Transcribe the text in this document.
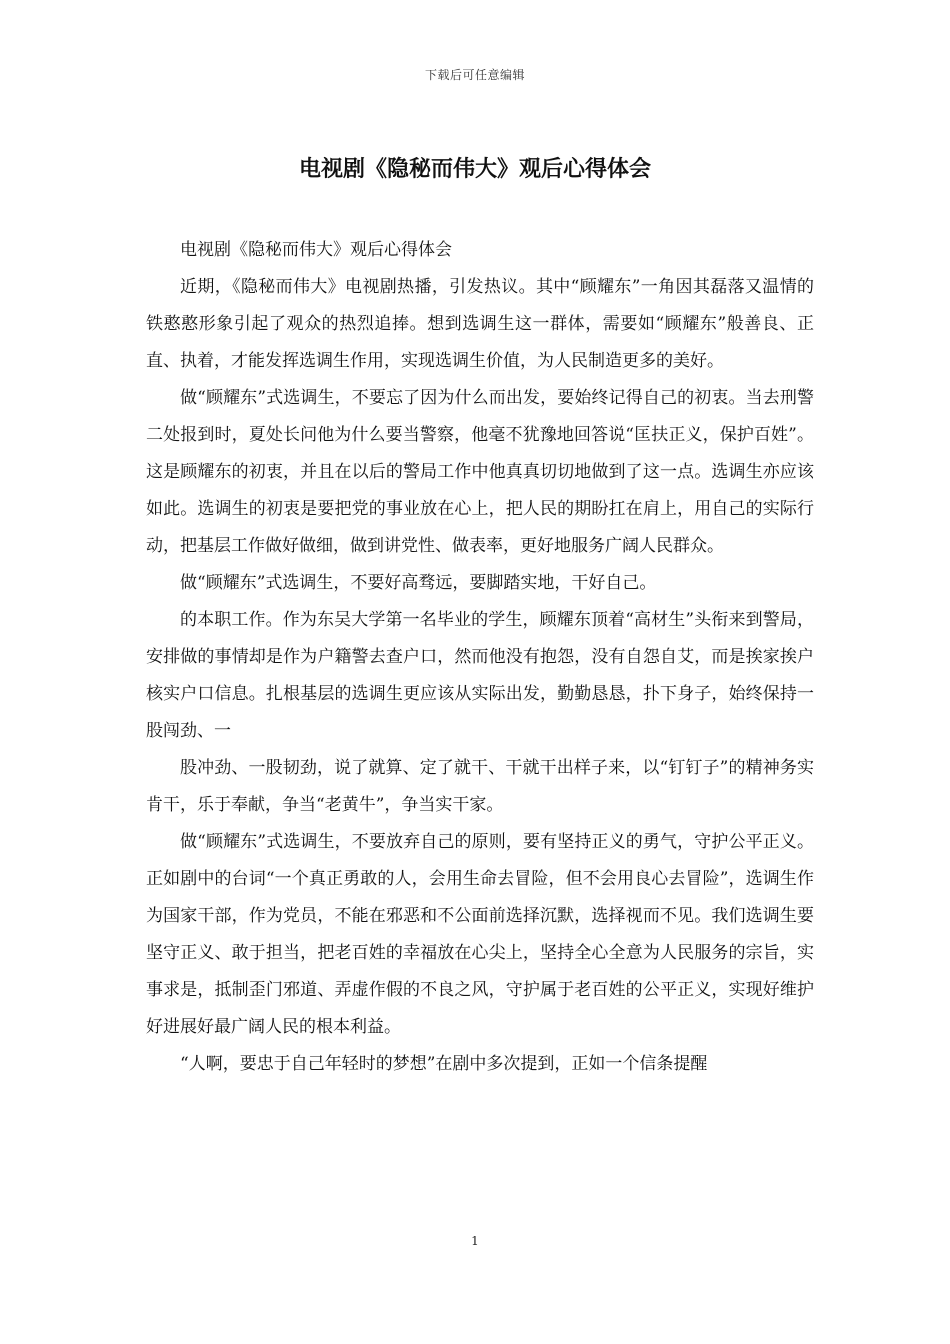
下载后可任意编辑
电视剧《隐秘而伟大》观后心得体会

电视剧《隐秘而伟大》观后心得体会

近期，《隐秘而伟大》电视剧热播，引发热议。其中“顾耀东”一角因其磊落又温情的铁憨憨形象引起了观众的热烈追捧。想到选调生这一群体，需要如“顾耀东”般善良、正直、执着，才能发挥选调生作用，实现选调生价值，为人民制造更多的美好。

做“顾耀东”式选调生，不要忘了因为什么而出发，要始终记得自己的初衷。当去刑警二处报到时，夏处长问他为什么要当警察，他毫不犹豫地回答说“匡扶正义，保护百姓”。这是顾耀东的初衷，并且在以后的警局工作中他真真切切地做到了这一点。选调生亦应该如此。选调生的初衷是要把党的事业放在心上，把人民的期盼扛在肩上，用自己的实际行动，把基层工作做好做细，做到讲党性、做表率，更好地服务广阔人民群众。

做“顾耀东”式选调生，不要好高骛远，要脚踏实地，干好自己。

的本职工作。作为东吴大学第一名毕业的学生，顾耀东顶着“高材生”头衔来到警局，安排做的事情却是作为户籍警去查户口，然而他没有抱怨，没有自怨自艾，而是挨家挨户核实户口信息。扎根基层的选调生更应该从实际出发，勤勤恳恳，扑下身子，始终保持一股闯劲、一

股冲劲、一股韧劲，说了就算、定了就干、干就干出样子来，以“钉钉子”的精神务实肯干，乐于奉献，争当“老黄牛”，争当实干家。

做“顾耀东”式选调生，不要放弃自己的原则，要有坚持正义的勇气，守护公平正义。正如剧中的台词“一个真正勇敢的人，会用生命去冒险，但不会用良心去冒险”，选调生作为国家干部，作为党员，不能在邪恶和不公面前选择沉默，选择视而不见。我们选调生要坚守正义、敢于担当，把老百姓的幸福放在心尖上，坚持全心全意为人民服务的宗旨，实事求是，抵制歪门邪道、弄虚作假的不良之风，守护属于老百姓的公平正义，实现好维护好进展好最广阔人民的根本利益。

“人啊，要忠于自己年轻时的梦想”在剧中多次提到，正如一个信条提醒

1
